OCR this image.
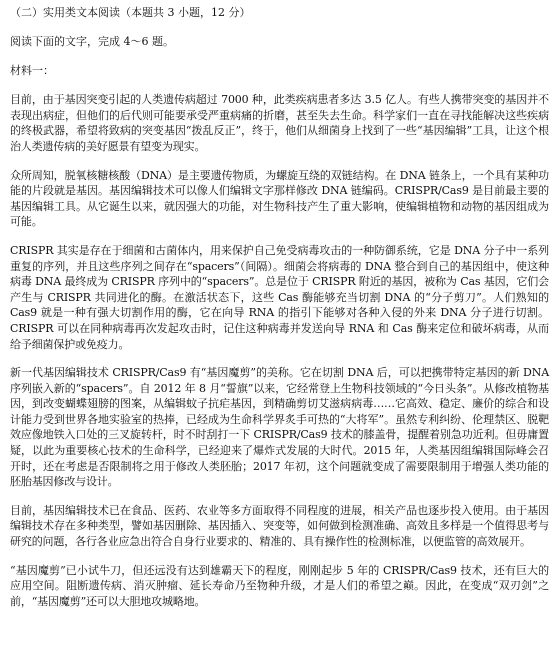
（二）实用类文本阅读（本题共 3 小题，12 分）

阅读下面的文字，完成 4～6 题。

材料一：

目前，由于基因突变引起的人类遗传病超过 7000 种，此类疾病患者多达 3.5 亿人。有些人携带突变的基因并不表现出病症，但他们的后代则可能要承受严重病痛的折磨，甚至失去生命。科学家们一直在寻找能解决这些疾病的终极武器，希望将致病的突变基因“拨乱反正”，终于，他们从细菌身上找到了一些“基因编辑”工具，让这个根治人类遗传病的美好愿景有望变为现实。

众所周知，脱氧核糖核酸（DNA）是主要遗传物质，为螺旋互绕的双链结构。在 DNA 链条上，一个具有某种功能的片段就是基因。基因编辑技术可以像人们编辑文字那样修改 DNA 链编码。CRISPR/Cas9 是目前最主要的基因编辑工具。从它诞生以来，就因强大的功能，对生物科技产生了重大影响，使编辑植物和动物的基因组成为可能。

CRISPR 其实是存在于细菌和古菌体内，用来保护自己免受病毒攻击的一种防御系统，它是 DNA 分子中一系列重复的序列，并且这些序列之间存在“spacers”（间隔）。细菌会将病毒的 DNA 整合到自己的基因组中，使这种病毒 DNA 最终成为 CRISPR 序列中的“spacers”。总是位于 CRISPR 附近的基因，被称为 Cas 基因，它们会产生与 CRISPR 共同进化的酶。在激活状态下，这些 Cas 酶能够充当切割 DNA 的“分子剪刀”。人们熟知的 Cas9 就是一种有强大切割作用的酶，它在向导 RNA 的指引下能够对各种入侵的外来 DNA 分子进行切割。CRISPR 可以在同种病毒再次发起攻击时，记住这种病毒并发送向导 RNA 和 Cas 酶来定位和破坏病毒，从而给予细菌保护或免疫力。

新一代基因编辑技术 CRISPR/Cas9 有“基因魔剪”的美称。它在切割 DNA 后，可以把携带特定基因的新 DNA 序列嵌入新的“spacers”。自 2012 年 8 月“誓旗”以来，它经常登上生物科技领域的“今日头条”。从修改植物基因，到改变蝴蝶翅膀的图案，从编辑蚊子抗疟基因，到精确剪切艾滋病病毒……它高效、稳定、廉价的综合和设计能力受到世界各地实验室的热捧，已经成为生命科学界炙手可热的“大将军”。虽然专利纠纷、伦理禁区、脱靶效应像地铁入口处的三叉旋转杆，时不时刮打一下 CRISPR/Cas9 技术的膝盖骨，提醒着别急功近利。但毋庸置疑，以此为重要核心技术的生命科学，已经迎来了爆炸式发展的大时代。2015 年，人类基因组编辑国际峰会召开时，还在考虑是否限制将之用于修改人类胚胎；2017 年初，这个问题就变成了需要限制用于增强人类功能的胚胎基因修改与设计。

目前，基因编辑技术已在食品、医药、农业等多方面取得不同程度的进展，相关产品也逐步投入使用。由于基因编辑技术存在多种类型，譬如基因删除、基因插入、突变等，如何做到检测准确、高效且多样是一个值得思考与研究的问题，各行各业应急出符合自身行业要求的、精准的、具有操作性的检测标准，以便监管的高效展开。

“基因魔剪”已小试牛刀，但还远没有达到雄霸天下的程度，刚刚起步 5 年的 CRISPR/Cas9 技术，还有巨大的应用空间。阻断遗传病、消灭肿瘤、延长寿命乃至物种升级，才是人们的希望之巅。因此，在变成“双刃剑”之前，“基因魔剪”还可以大胆地攻城略地。
